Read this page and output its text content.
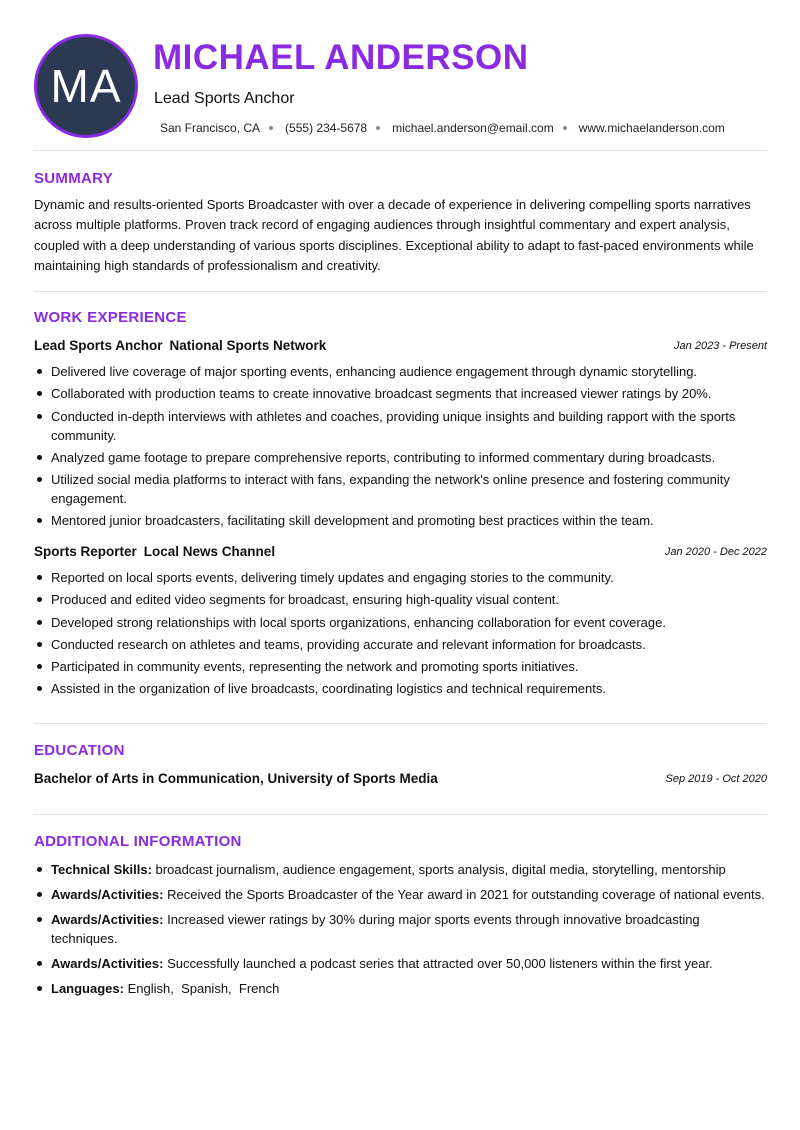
MA
MICHAEL ANDERSON
Lead Sports Anchor
San Francisco, CA (555) 234-5678 michael.anderson@email.com www.michaelanderson.com
SUMMARY
Dynamic and results-oriented Sports Broadcaster with over a decade of experience in delivering compelling sports narratives across multiple platforms. Proven track record of engaging audiences through insightful commentary and expert analysis, coupled with a deep understanding of various sports disciplines. Exceptional ability to adapt to fast-paced environments while maintaining high standards of professionalism and creativity.
WORK EXPERIENCE
Lead Sports Anchor National Sports Network	Jan 2023 - Present
Delivered live coverage of major sporting events, enhancing audience engagement through dynamic storytelling.
Collaborated with production teams to create innovative broadcast segments that increased viewer ratings by 20%.
Conducted in-depth interviews with athletes and coaches, providing unique insights and building rapport with the sports community.
Analyzed game footage to prepare comprehensive reports, contributing to informed commentary during broadcasts.
Utilized social media platforms to interact with fans, expanding the network's online presence and fostering community engagement.
Mentored junior broadcasters, facilitating skill development and promoting best practices within the team.
Sports Reporter Local News Channel	Jan 2020 - Dec 2022
Reported on local sports events, delivering timely updates and engaging stories to the community.
Produced and edited video segments for broadcast, ensuring high-quality visual content.
Developed strong relationships with local sports organizations, enhancing collaboration for event coverage.
Conducted research on athletes and teams, providing accurate and relevant information for broadcasts.
Participated in community events, representing the network and promoting sports initiatives.
Assisted in the organization of live broadcasts, coordinating logistics and technical requirements.
EDUCATION
Bachelor of Arts in Communication, University of Sports Media	Sep 2019 - Oct 2020
ADDITIONAL INFORMATION
Technical Skills: broadcast journalism, audience engagement, sports analysis, digital media, storytelling, mentorship
Awards/Activities: Received the Sports Broadcaster of the Year award in 2021 for outstanding coverage of national events.
Awards/Activities: Increased viewer ratings by 30% during major sports events through innovative broadcasting techniques.
Awards/Activities: Successfully launched a podcast series that attracted over 50,000 listeners within the first year.
Languages: English,  Spanish,  French
